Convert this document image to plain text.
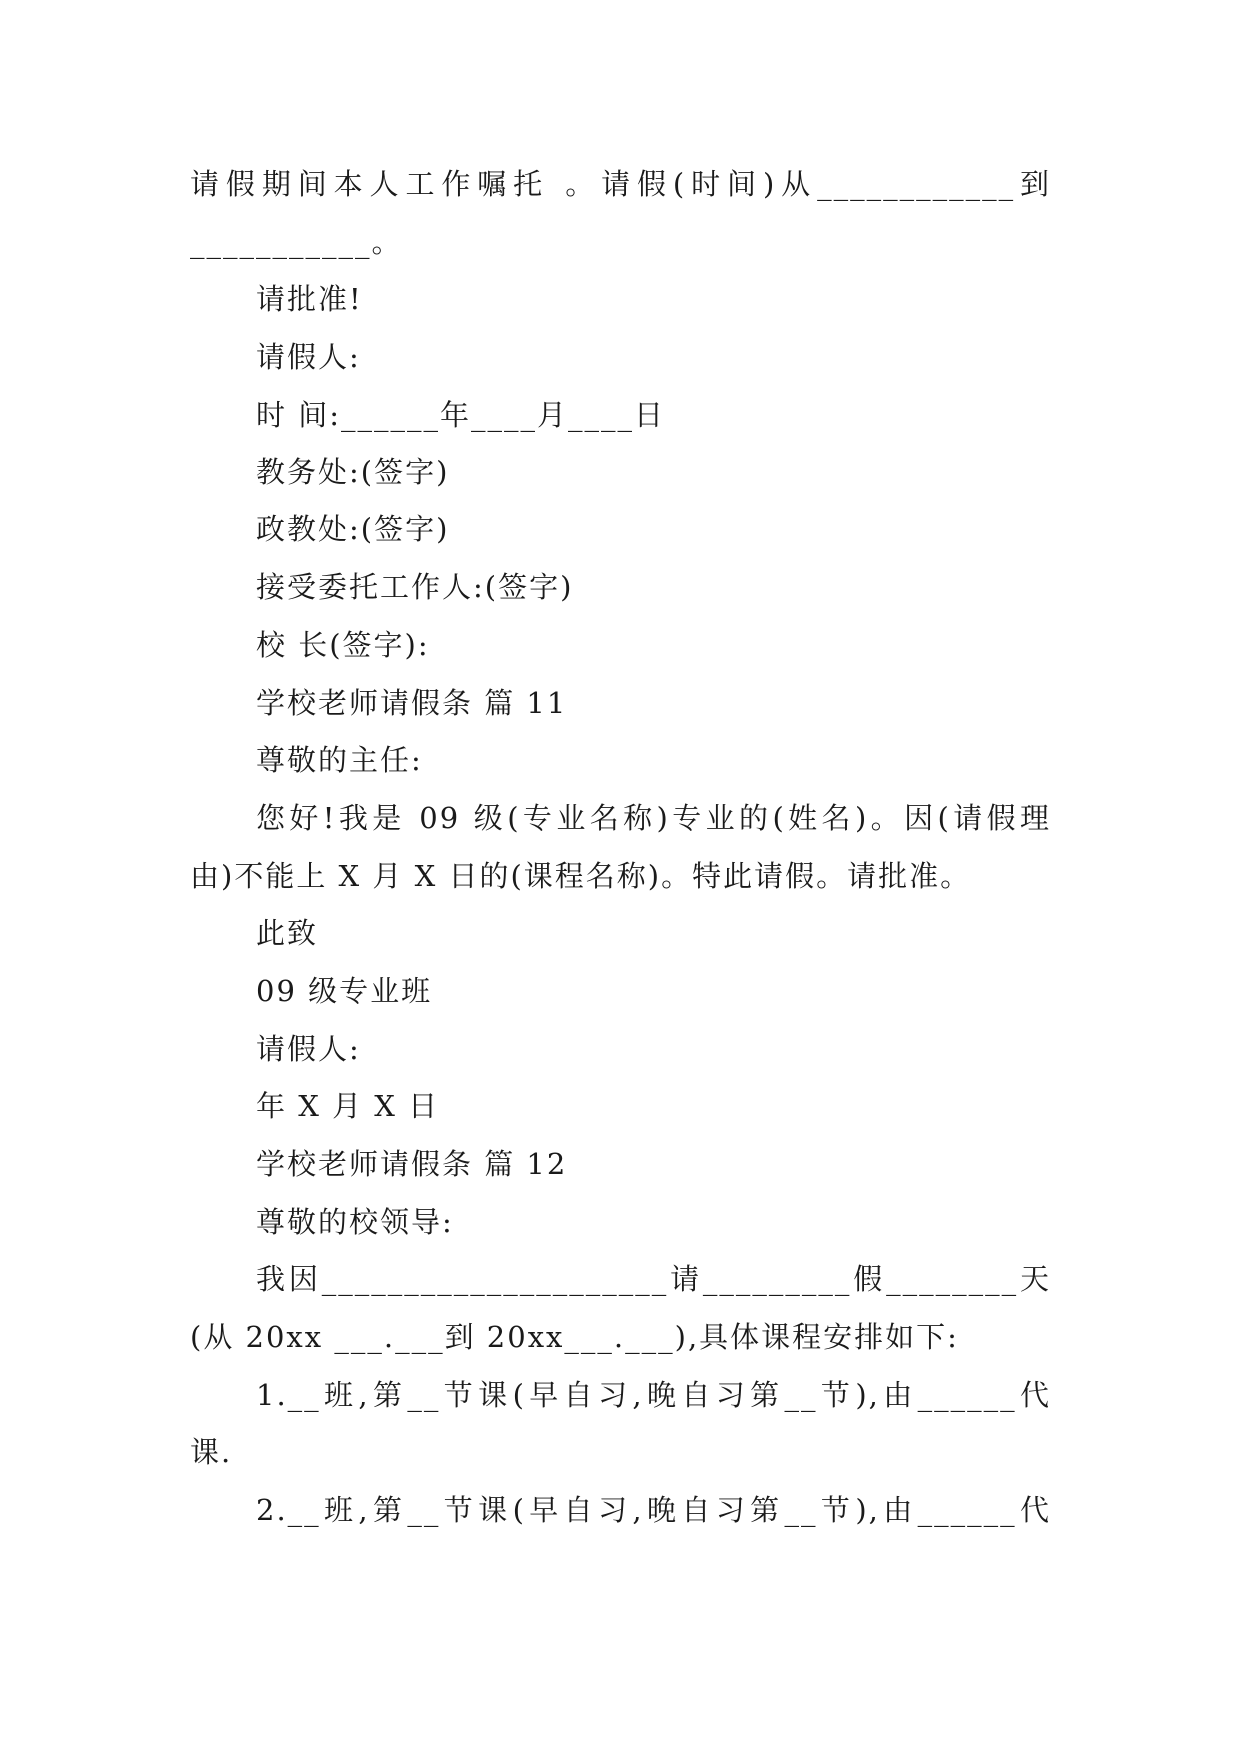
请假期间本人工作嘱托 。请假(时间)从____________到
___________。
请批准!
请假人:
时 间:______年____月____日
教务处:(签字)
政教处:(签字)
接受委托工作人:(签字)
校 长(签字):
学校老师请假条 篇 11
尊敬的主任:
您好!我是 09 级(专业名称)专业的(姓名)。因(请假理
由)不能上 X 月 X 日的(课程名称)。特此请假。请批准。
此致
09 级专业班
请假人:
年 X 月 X 日
学校老师请假条 篇 12
尊敬的校领导:
我因_____________________请_________假________天
(从 20xx ___.___到 20xx___.___),具体课程安排如下:
1.__班,第__节课(早自习,晚自习第__节),由______代
课.
2.__班,第__节课(早自习,晚自习第__节),由______代
